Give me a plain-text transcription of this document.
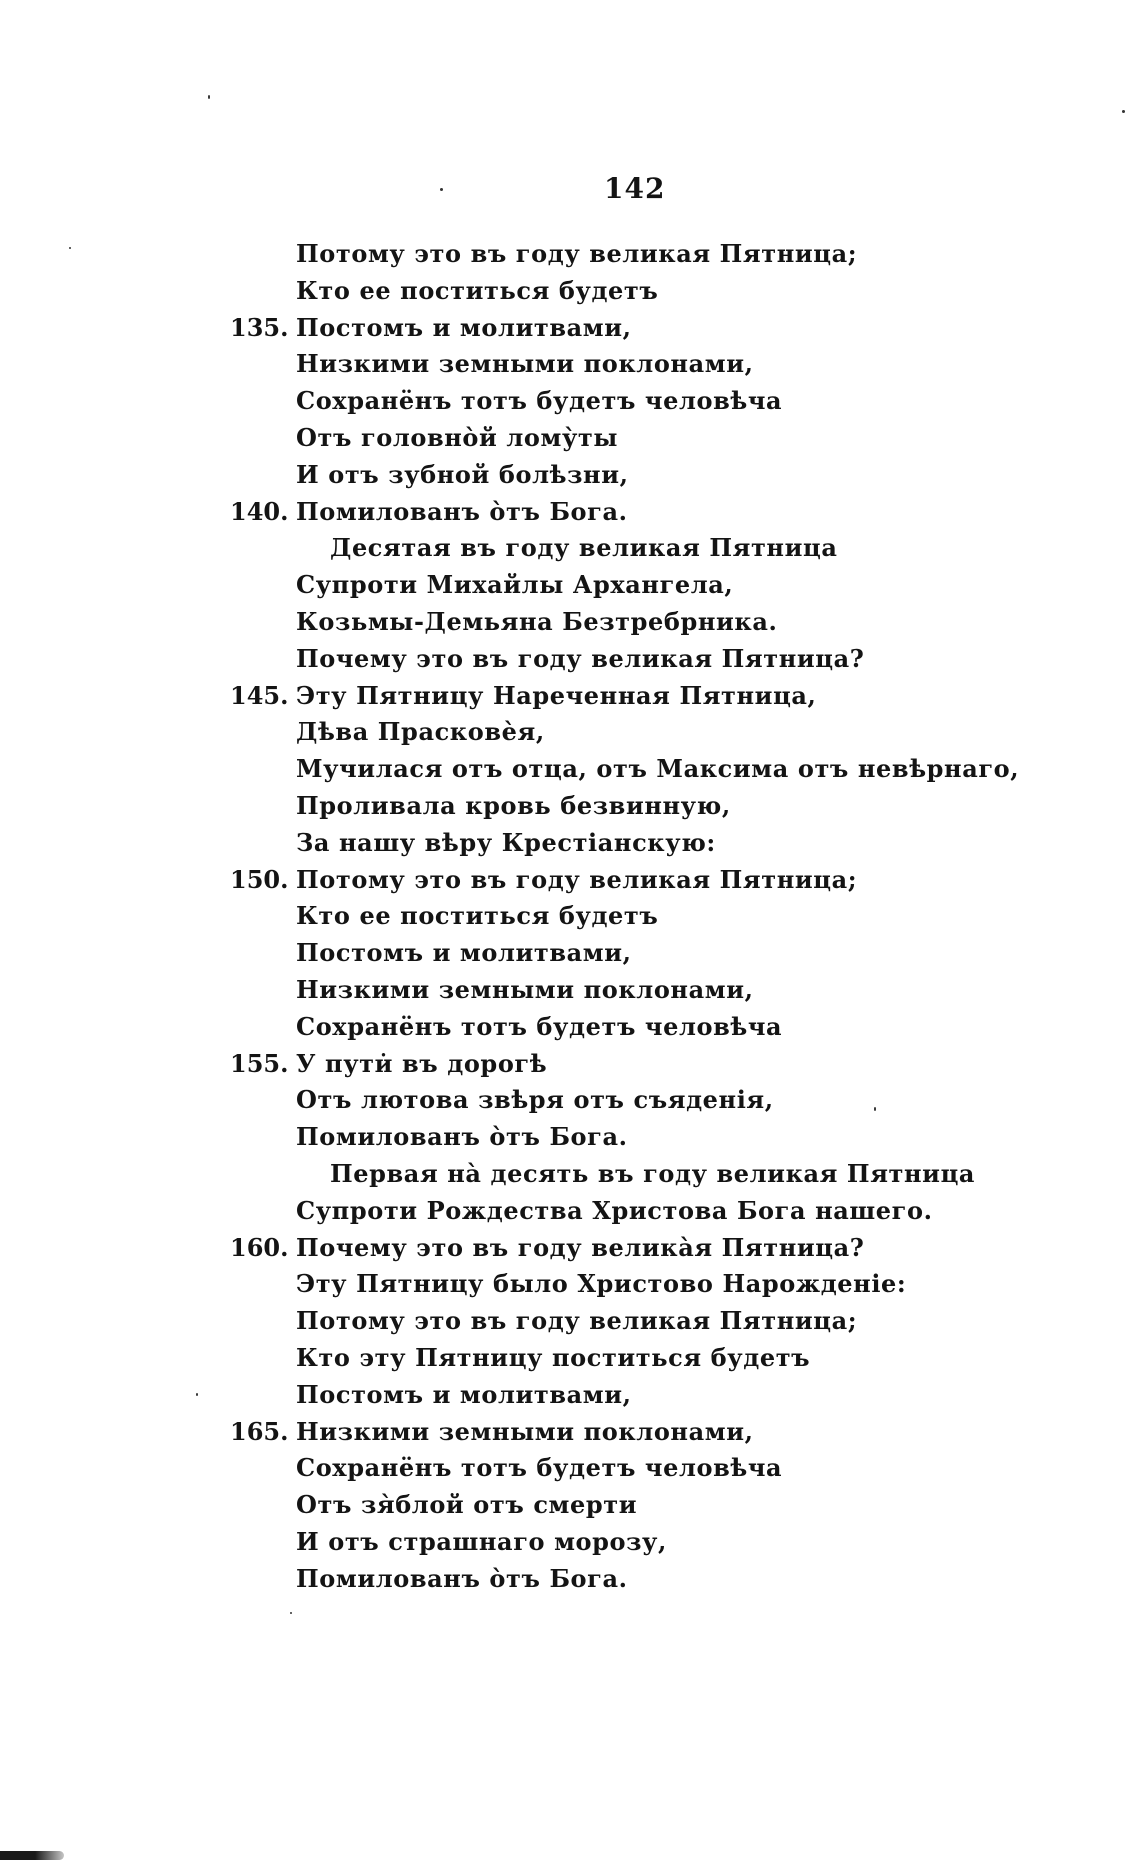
142
Потому это въ году великая Пятница;
Кто ее поститься будетъ
135. Постомъ и молитвами,
Низкими земными поклонами,
Сохранёнъ тотъ будетъ человѣча
Отъ головно̀й лому̀ты
И отъ зубной болѣзни,
140. Помилованъ о̀тъ Бога.
Десятая въ году великая Пятница
Супроти Михайлы Архангела,
Козьмы-Демьяна Безтребрника.
Почему это въ году великая Пятница?
145. Эту Пятницу Нареченная Пятница,
Дѣва Прасковѐя,
Мучилася отъ отца, отъ Максима отъ невѣрнаго,
Проливала кровь безвинную,
За нашу вѣру Крестіанскую:
150. Потому это въ году великая Пятница;
Кто ее поститься будетъ
Постомъ и молитвами,
Низкими земными поклонами,
Сохранёнъ тотъ будетъ человѣча
155. У пути̇ въ дорогѣ
Отъ лютова звѣря отъ съяденія,
Помилованъ о̀тъ Бога.
Первая на̀ десять въ году великая Пятница
Супроти Рождества Христова Бога нашего.
160. Почему это въ году велика̀я Пятница?
Эту Пятницу было Христово Нарожденіе:
Потому это въ году великая Пятница;
Кто эту Пятницу поститься будетъ
Постомъ и молитвами,
165. Низкими земными поклонами,
Сохранёнъ тотъ будетъ человѣча
Отъ зя̀блой отъ смерти
И отъ страшнаго морозу,
Помилованъ о̀тъ Бога.
